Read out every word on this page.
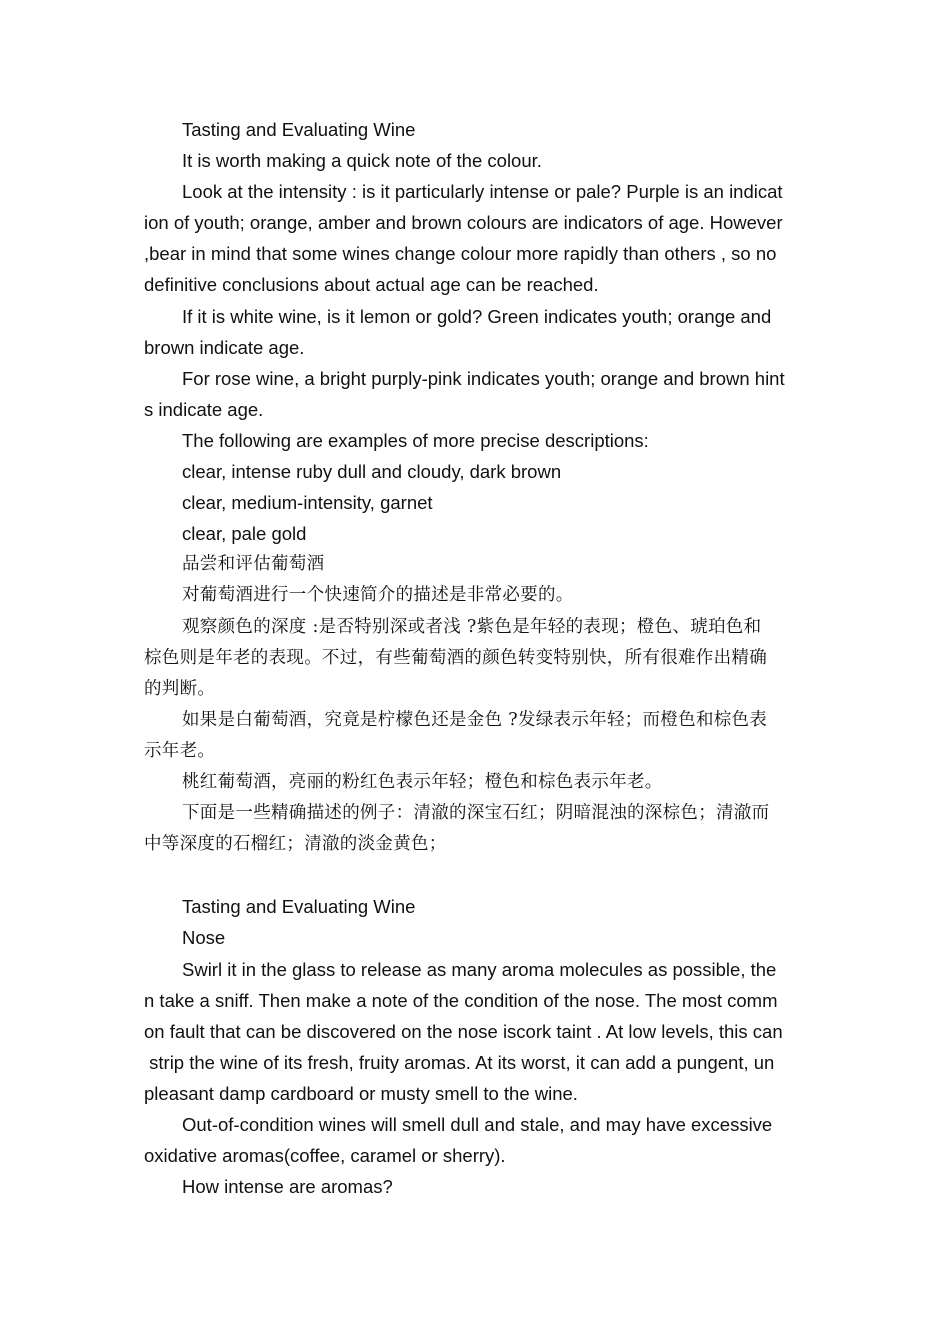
Tasting and Evaluating Wine
It is worth making a quick note of the colour.
Look at the intensity : is it particularly intense or pale? Purple is an indicat
ion of youth; orange, amber and brown colours are indicators of age. However
,bear in mind that some wines change colour more rapidly than others , so no
definitive conclusions about actual age can be reached.
If it is white wine, is it lemon or gold? Green indicates youth; orange and
brown indicate age.
For rose wine, a bright purply-pink indicates youth; orange and brown hint
s indicate age.
The following are examples of more precise descriptions:
clear, intense ruby dull and cloudy, dark brown
clear, medium-intensity, garnet
clear, pale gold
品尝和评估葡萄酒
对葡萄酒进行一个快速简介的描述是非常必要的。
观察颜色的深度 :是否特别深或者浅 ?紫色是年轻的表现；橙色、琥珀色和
棕色则是年老的表现。不过，有些葡萄酒的颜色转变特别快，所有很难作出精确
的判断。
如果是白葡萄酒，究竟是柠檬色还是金色 ?发绿表示年轻；而橙色和棕色表
示年老。
桃红葡萄酒，亮丽的粉红色表示年轻；橙色和棕色表示年老。
下面是一些精确描述的例子：清澈的深宝石红；阴暗混浊的深棕色；清澈而
中等深度的石榴红；清澈的淡金黄色；
Tasting and Evaluating Wine
Nose
Swirl it in the glass to release as many aroma molecules as possible, the
n take a sniff. Then make a note of the condition of the nose. The most comm
on fault that can be discovered on the nose iscork taint . At low levels, this can
strip the wine of its fresh, fruity aromas. At its worst, it can add a pungent, un
pleasant damp cardboard or musty smell to the wine.
Out-of-condition wines will smell dull and stale, and may have excessive
oxidative aromas(coffee, caramel or sherry).
How intense are aromas?
